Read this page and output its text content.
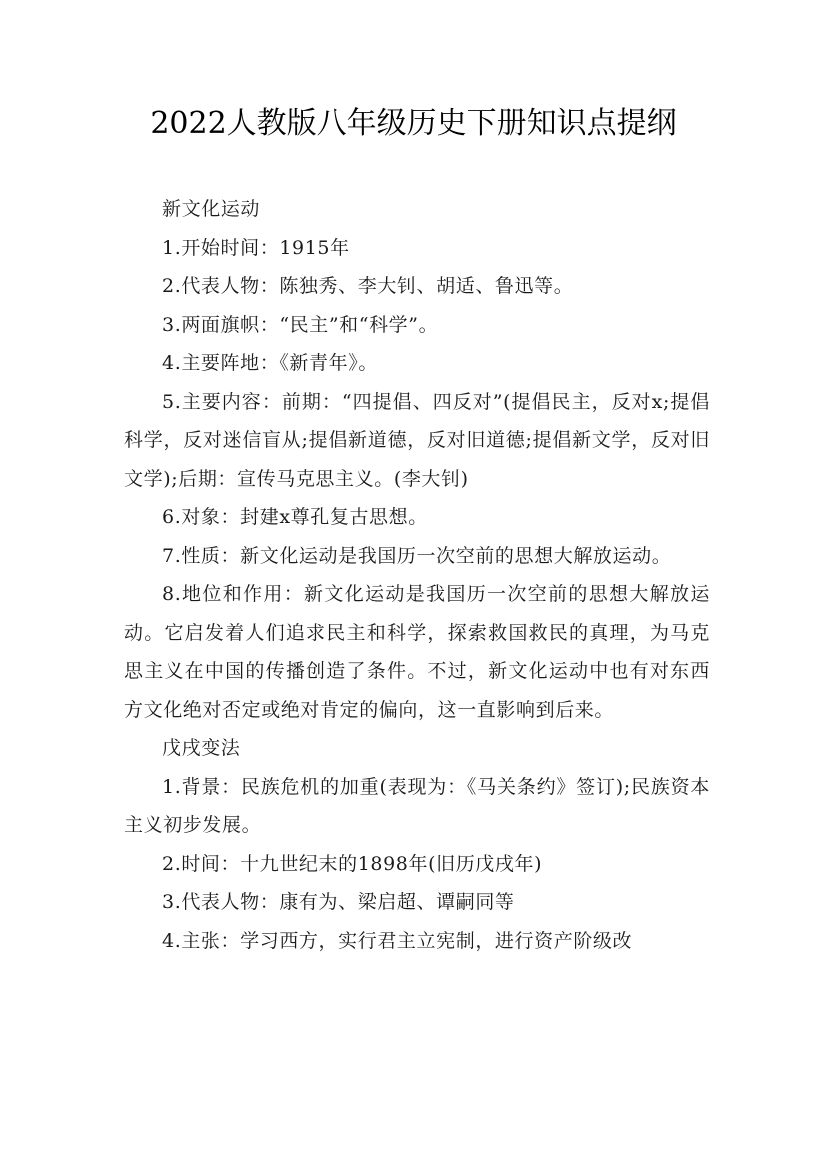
2022人教版八年级历史下册知识点提纲

新文化运动

1.开始时间：1915年

2.代表人物：陈独秀、李大钊、胡适、鲁迅等。

3.两面旗帜：“民主”和“科学”。

4.主要阵地：《新青年》。

5.主要内容：前期：“四提倡、四反对”(提倡民主，反对x;提倡科学，反对迷信盲从;提倡新道德，反对旧道德;提倡新文学，反对旧文学);后期：宣传马克思主义。(李大钊)

6.对象：封建x尊孔复古思想。

7.性质：新文化运动是我国历一次空前的思想大解放运动。

8.地位和作用：新文化运动是我国历一次空前的思想大解放运动。它启发着人们追求民主和科学，探索救国救民的真理，为马克思主义在中国的传播创造了条件。不过，新文化运动中也有对东西方文化绝对否定或绝对肯定的偏向，这一直影响到后来。

戊戌变法

1.背景：民族危机的加重(表现为：《马关条约》签订);民族资本主义初步发展。

2.时间：十九世纪末的1898年(旧历戊戌年)

3.代表人物：康有为、梁启超、谭嗣同等

4.主张：学习西方，实行君主立宪制，进行资产阶级改
